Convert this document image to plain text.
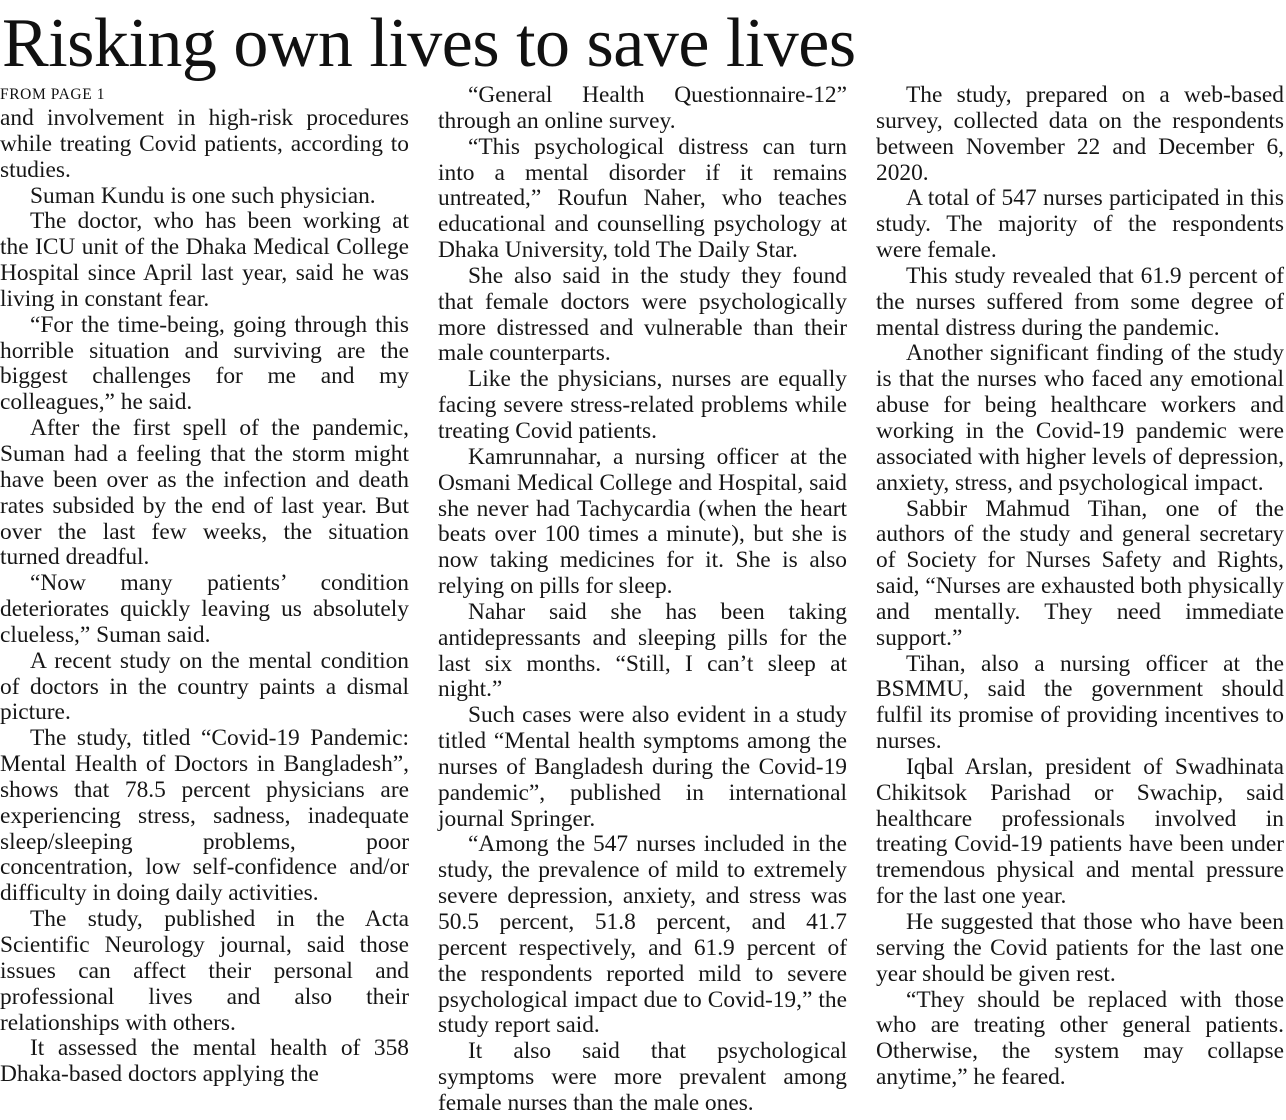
Risking own lives to save lives
FROM PAGE 1

and involvement in high-risk procedures while treating Covid patients, according to studies.

Suman Kundu is one such physician.

The doctor, who has been working at the ICU unit of the Dhaka Medical College Hospital since April last year, said he was living in constant fear.

“For the time-being, going through this horrible situation and surviving are the biggest challenges for me and my colleagues,” he said.

After the first spell of the pandemic, Suman had a feeling that the storm might have been over as the infection and death rates subsided by the end of last year. But over the last few weeks, the situation turned dreadful.

“Now many patients’ condition deteriorates quickly leaving us absolutely clueless,” Suman said.

A recent study on the mental condition of doctors in the country paints a dismal picture.

The study, titled “Covid-19 Pandemic: Mental Health of Doctors in Bangladesh”, shows that 78.5 percent physicians are experiencing stress, sadness, inadequate sleep/sleeping problems, poor concentration, low self-confidence and/or difficulty in doing daily activities.

The study, published in the Acta Scientific Neurology journal, said those issues can affect their personal and professional lives and also their relationships with others.

It assessed the mental health of 358 Dhaka-based doctors applying the

“General Health Questionnaire-12” through an online survey.

“This psychological distress can turn into a mental disorder if it remains untreated,” Roufun Naher, who teaches educational and counselling psychology at Dhaka University, told The Daily Star.

She also said in the study they found that female doctors were psychologically more distressed and vulnerable than their male counterparts.

Like the physicians, nurses are equally facing severe stress-related problems while treating Covid patients.

Kamrunnahar, a nursing officer at the Osmani Medical College and Hospital, said she never had Tachycardia (when the heart beats over 100 times a minute), but she is now taking medicines for it. She is also relying on pills for sleep.

Nahar said she has been taking antidepressants and sleeping pills for the last six months. “Still, I can’t sleep at night.”

Such cases were also evident in a study titled “Mental health symptoms among the nurses of Bangladesh during the Covid-19 pandemic”, published in international journal Springer.

“Among the 547 nurses included in the study, the prevalence of mild to extremely severe depression, anxiety, and stress was 50.5 percent, 51.8 percent, and 41.7 percent respectively, and 61.9 percent of the respondents reported mild to severe psychological impact due to Covid-19,” the study report said.

It also said that psychological symptoms were more prevalent among female nurses than the male ones.

The study, prepared on a web-based survey, collected data on the respondents between November 22 and December 6, 2020.

A total of 547 nurses participated in this study. The majority of the respondents were female.

This study revealed that 61.9 percent of the nurses suffered from some degree of mental distress during the pandemic.

Another significant finding of the study is that the nurses who faced any emotional abuse for being healthcare workers and working in the Covid-19 pandemic were associated with higher levels of depression, anxiety, stress, and psychological impact.

Sabbir Mahmud Tihan, one of the authors of the study and general secretary of Society for Nurses Safety and Rights, said, “Nurses are exhausted both physically and mentally. They need immediate support.”

Tihan, also a nursing officer at the BSMMU, said the government should fulfil its promise of providing incentives to nurses.

Iqbal Arslan, president of Swadhinata Chikitsok Parishad or Swachip, said healthcare professionals involved in treating Covid-19 patients have been under tremendous physical and mental pressure for the last one year.

He suggested that those who have been serving the Covid patients for the last one year should be given rest.

“They should be replaced with those who are treating other general patients. Otherwise, the system may collapse anytime,” he feared.
